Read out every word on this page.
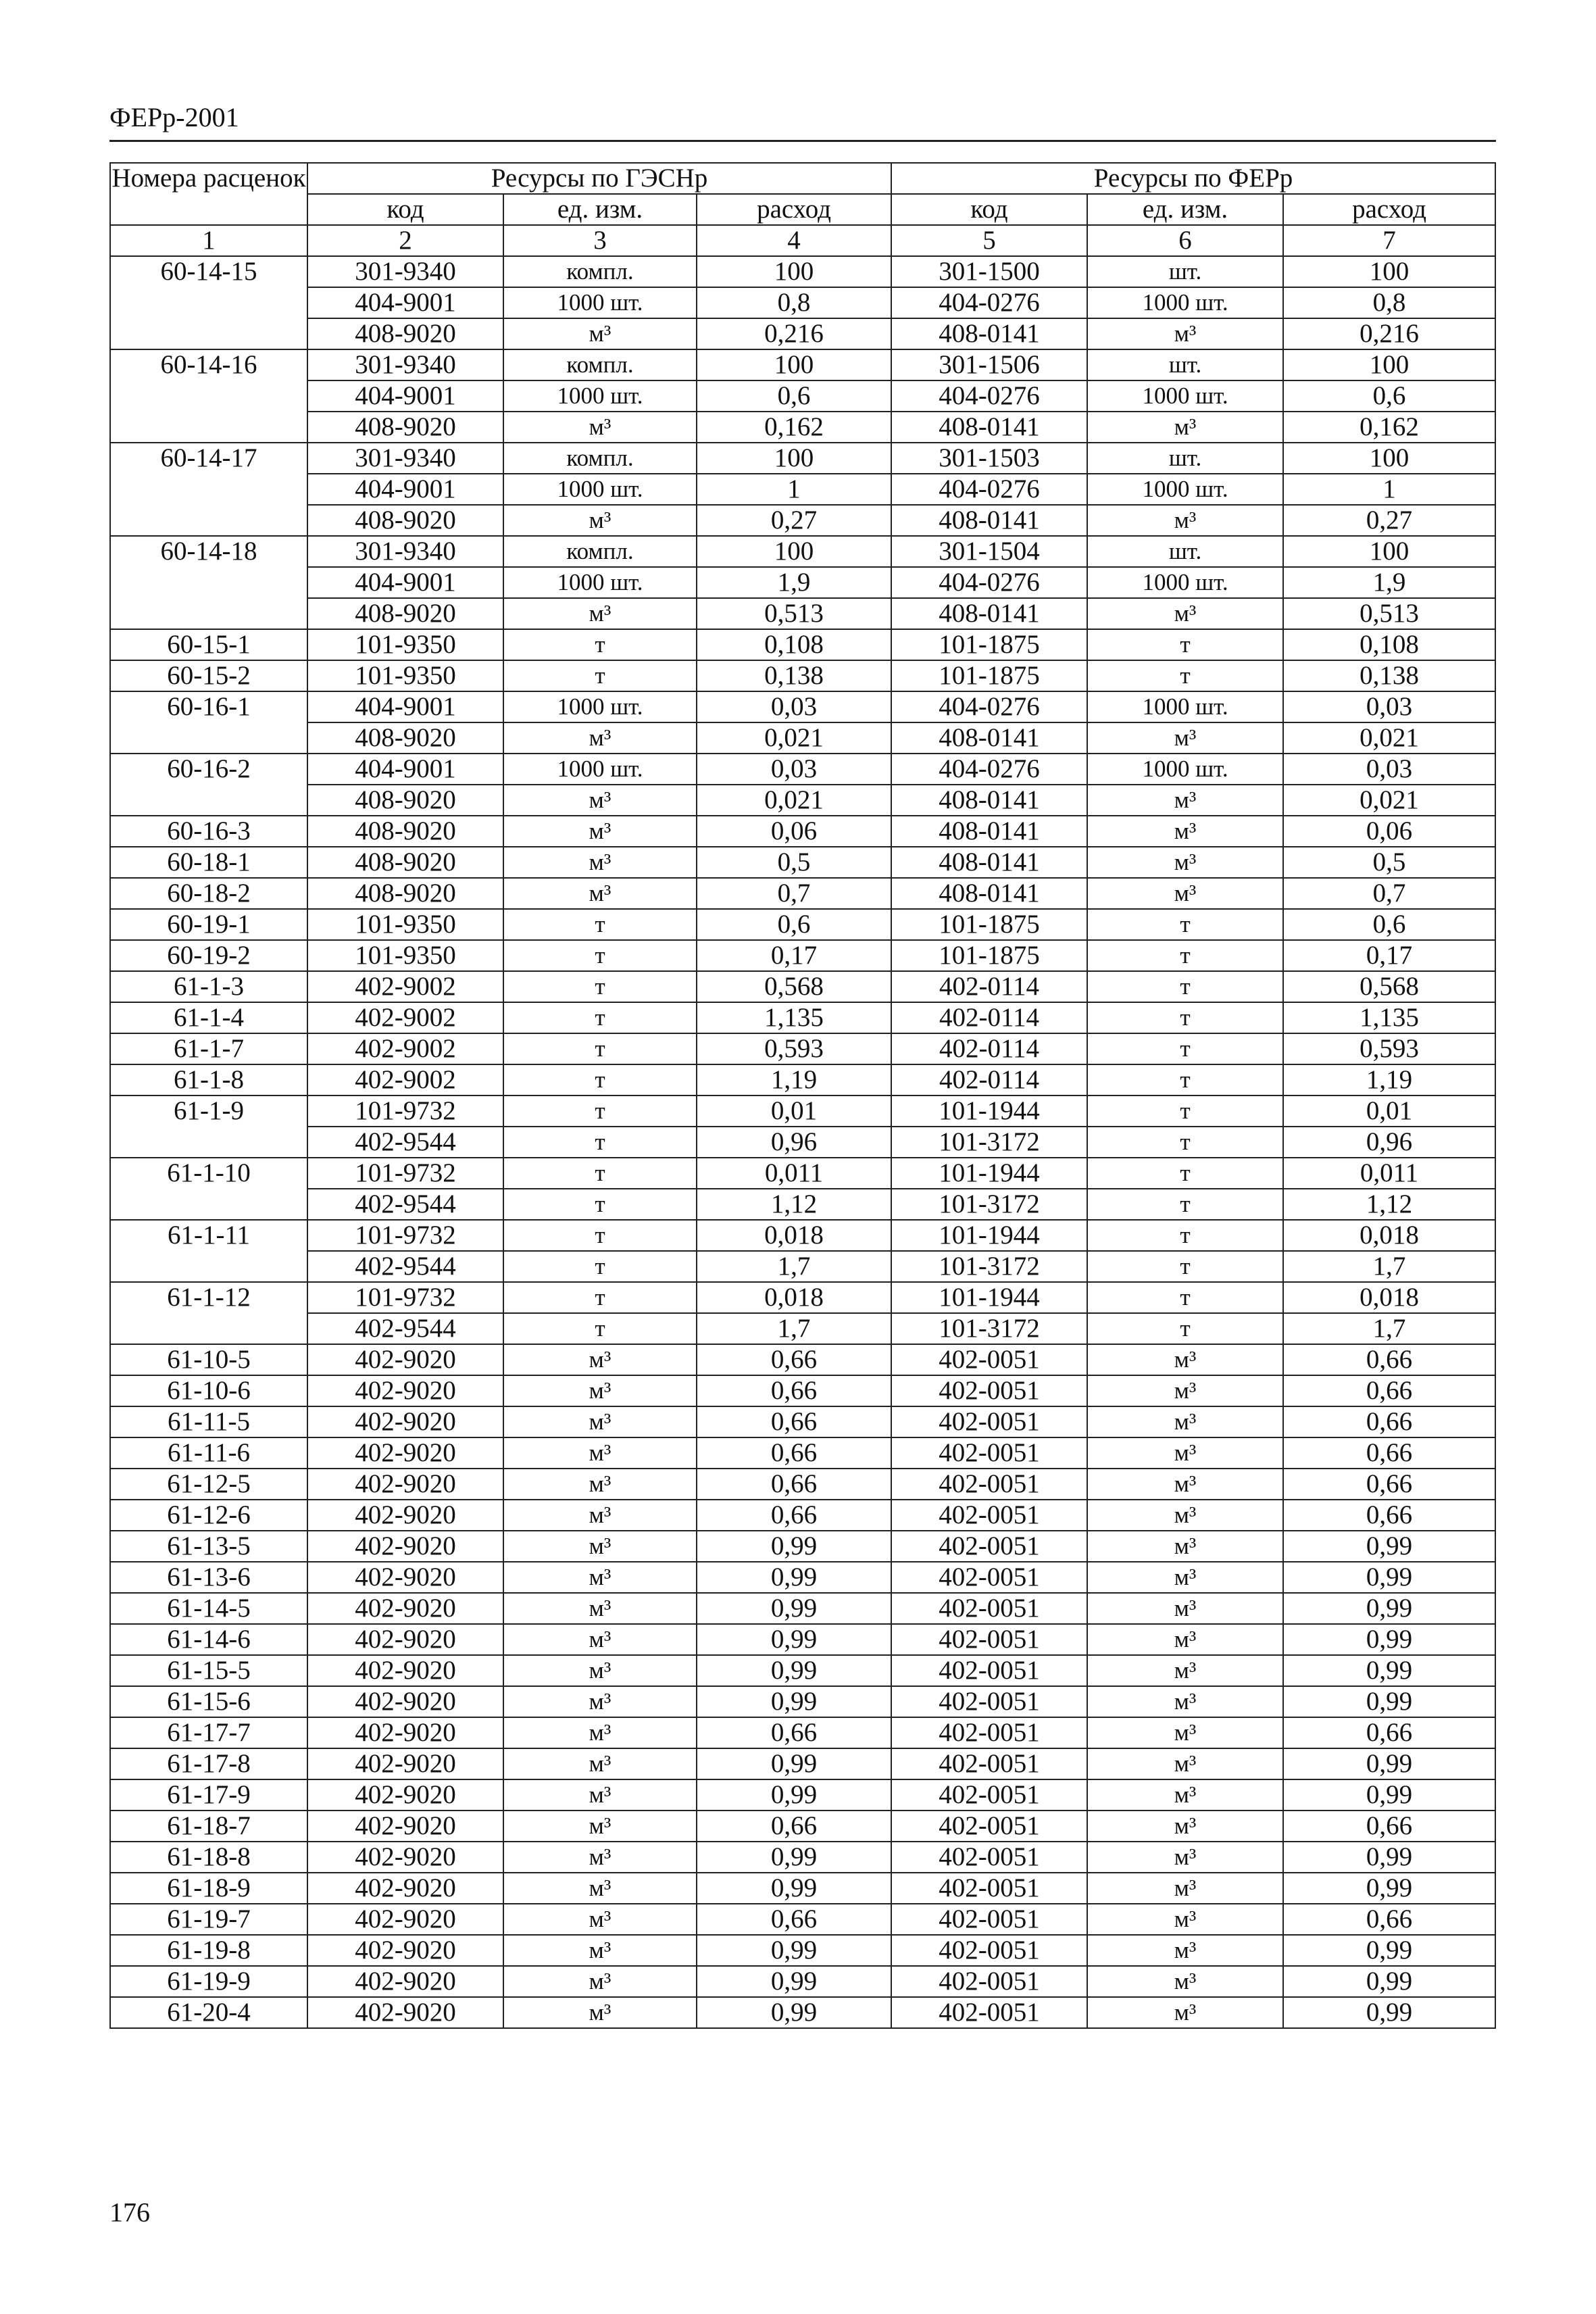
ФЕРр-2001
Номера расценок	Ресурсы по ГЭСНр			Ресурсы по ФЕРр		
	код	ед. изм.	расход	код	ед. изм.	расход
1	2	3	4	5	6	7
60-14-15	301-9340	компл.	100	301-1500	шт.	100
	404-9001	1000 шт.	0,8	404-0276	1000 шт.	0,8
	408-9020	м³	0,216	408-0141	м³	0,216
60-14-16	301-9340	компл.	100	301-1506	шт.	100
	404-9001	1000 шт.	0,6	404-0276	1000 шт.	0,6
	408-9020	м³	0,162	408-0141	м³	0,162
60-14-17	301-9340	компл.	100	301-1503	шт.	100
	404-9001	1000 шт.	1	404-0276	1000 шт.	1
	408-9020	м³	0,27	408-0141	м³	0,27
60-14-18	301-9340	компл.	100	301-1504	шт.	100
	404-9001	1000 шт.	1,9	404-0276	1000 шт.	1,9
	408-9020	м³	0,513	408-0141	м³	0,513
60-15-1	101-9350	т	0,108	101-1875	т	0,108
60-15-2	101-9350	т	0,138	101-1875	т	0,138
60-16-1	404-9001	1000 шт.	0,03	404-0276	1000 шт.	0,03
	408-9020	м³	0,021	408-0141	м³	0,021
60-16-2	404-9001	1000 шт.	0,03	404-0276	1000 шт.	0,03
	408-9020	м³	0,021	408-0141	м³	0,021
60-16-3	408-9020	м³	0,06	408-0141	м³	0,06
60-18-1	408-9020	м³	0,5	408-0141	м³	0,5
60-18-2	408-9020	м³	0,7	408-0141	м³	0,7
60-19-1	101-9350	т	0,6	101-1875	т	0,6
60-19-2	101-9350	т	0,17	101-1875	т	0,17
61-1-3	402-9002	т	0,568	402-0114	т	0,568
61-1-4	402-9002	т	1,135	402-0114	т	1,135
61-1-7	402-9002	т	0,593	402-0114	т	0,593
61-1-8	402-9002	т	1,19	402-0114	т	1,19
61-1-9	101-9732	т	0,01	101-1944	т	0,01
	402-9544	т	0,96	101-3172	т	0,96
61-1-10	101-9732	т	0,011	101-1944	т	0,011
	402-9544	т	1,12	101-3172	т	1,12
61-1-11	101-9732	т	0,018	101-1944	т	0,018
	402-9544	т	1,7	101-3172	т	1,7
61-1-12	101-9732	т	0,018	101-1944	т	0,018
	402-9544	т	1,7	101-3172	т	1,7
61-10-5	402-9020	м³	0,66	402-0051	м³	0,66
61-10-6	402-9020	м³	0,66	402-0051	м³	0,66
61-11-5	402-9020	м³	0,66	402-0051	м³	0,66
61-11-6	402-9020	м³	0,66	402-0051	м³	0,66
61-12-5	402-9020	м³	0,66	402-0051	м³	0,66
61-12-6	402-9020	м³	0,66	402-0051	м³	0,66
61-13-5	402-9020	м³	0,99	402-0051	м³	0,99
61-13-6	402-9020	м³	0,99	402-0051	м³	0,99
61-14-5	402-9020	м³	0,99	402-0051	м³	0,99
61-14-6	402-9020	м³	0,99	402-0051	м³	0,99
61-15-5	402-9020	м³	0,99	402-0051	м³	0,99
61-15-6	402-9020	м³	0,99	402-0051	м³	0,99
61-17-7	402-9020	м³	0,66	402-0051	м³	0,66
61-17-8	402-9020	м³	0,99	402-0051	м³	0,99
61-17-9	402-9020	м³	0,99	402-0051	м³	0,99
61-18-7	402-9020	м³	0,66	402-0051	м³	0,66
61-18-8	402-9020	м³	0,99	402-0051	м³	0,99
61-18-9	402-9020	м³	0,99	402-0051	м³	0,99
61-19-7	402-9020	м³	0,66	402-0051	м³	0,66
61-19-8	402-9020	м³	0,99	402-0051	м³	0,99
61-19-9	402-9020	м³	0,99	402-0051	м³	0,99
61-20-4	402-9020	м³	0,99	402-0051	м³	0,99
176
